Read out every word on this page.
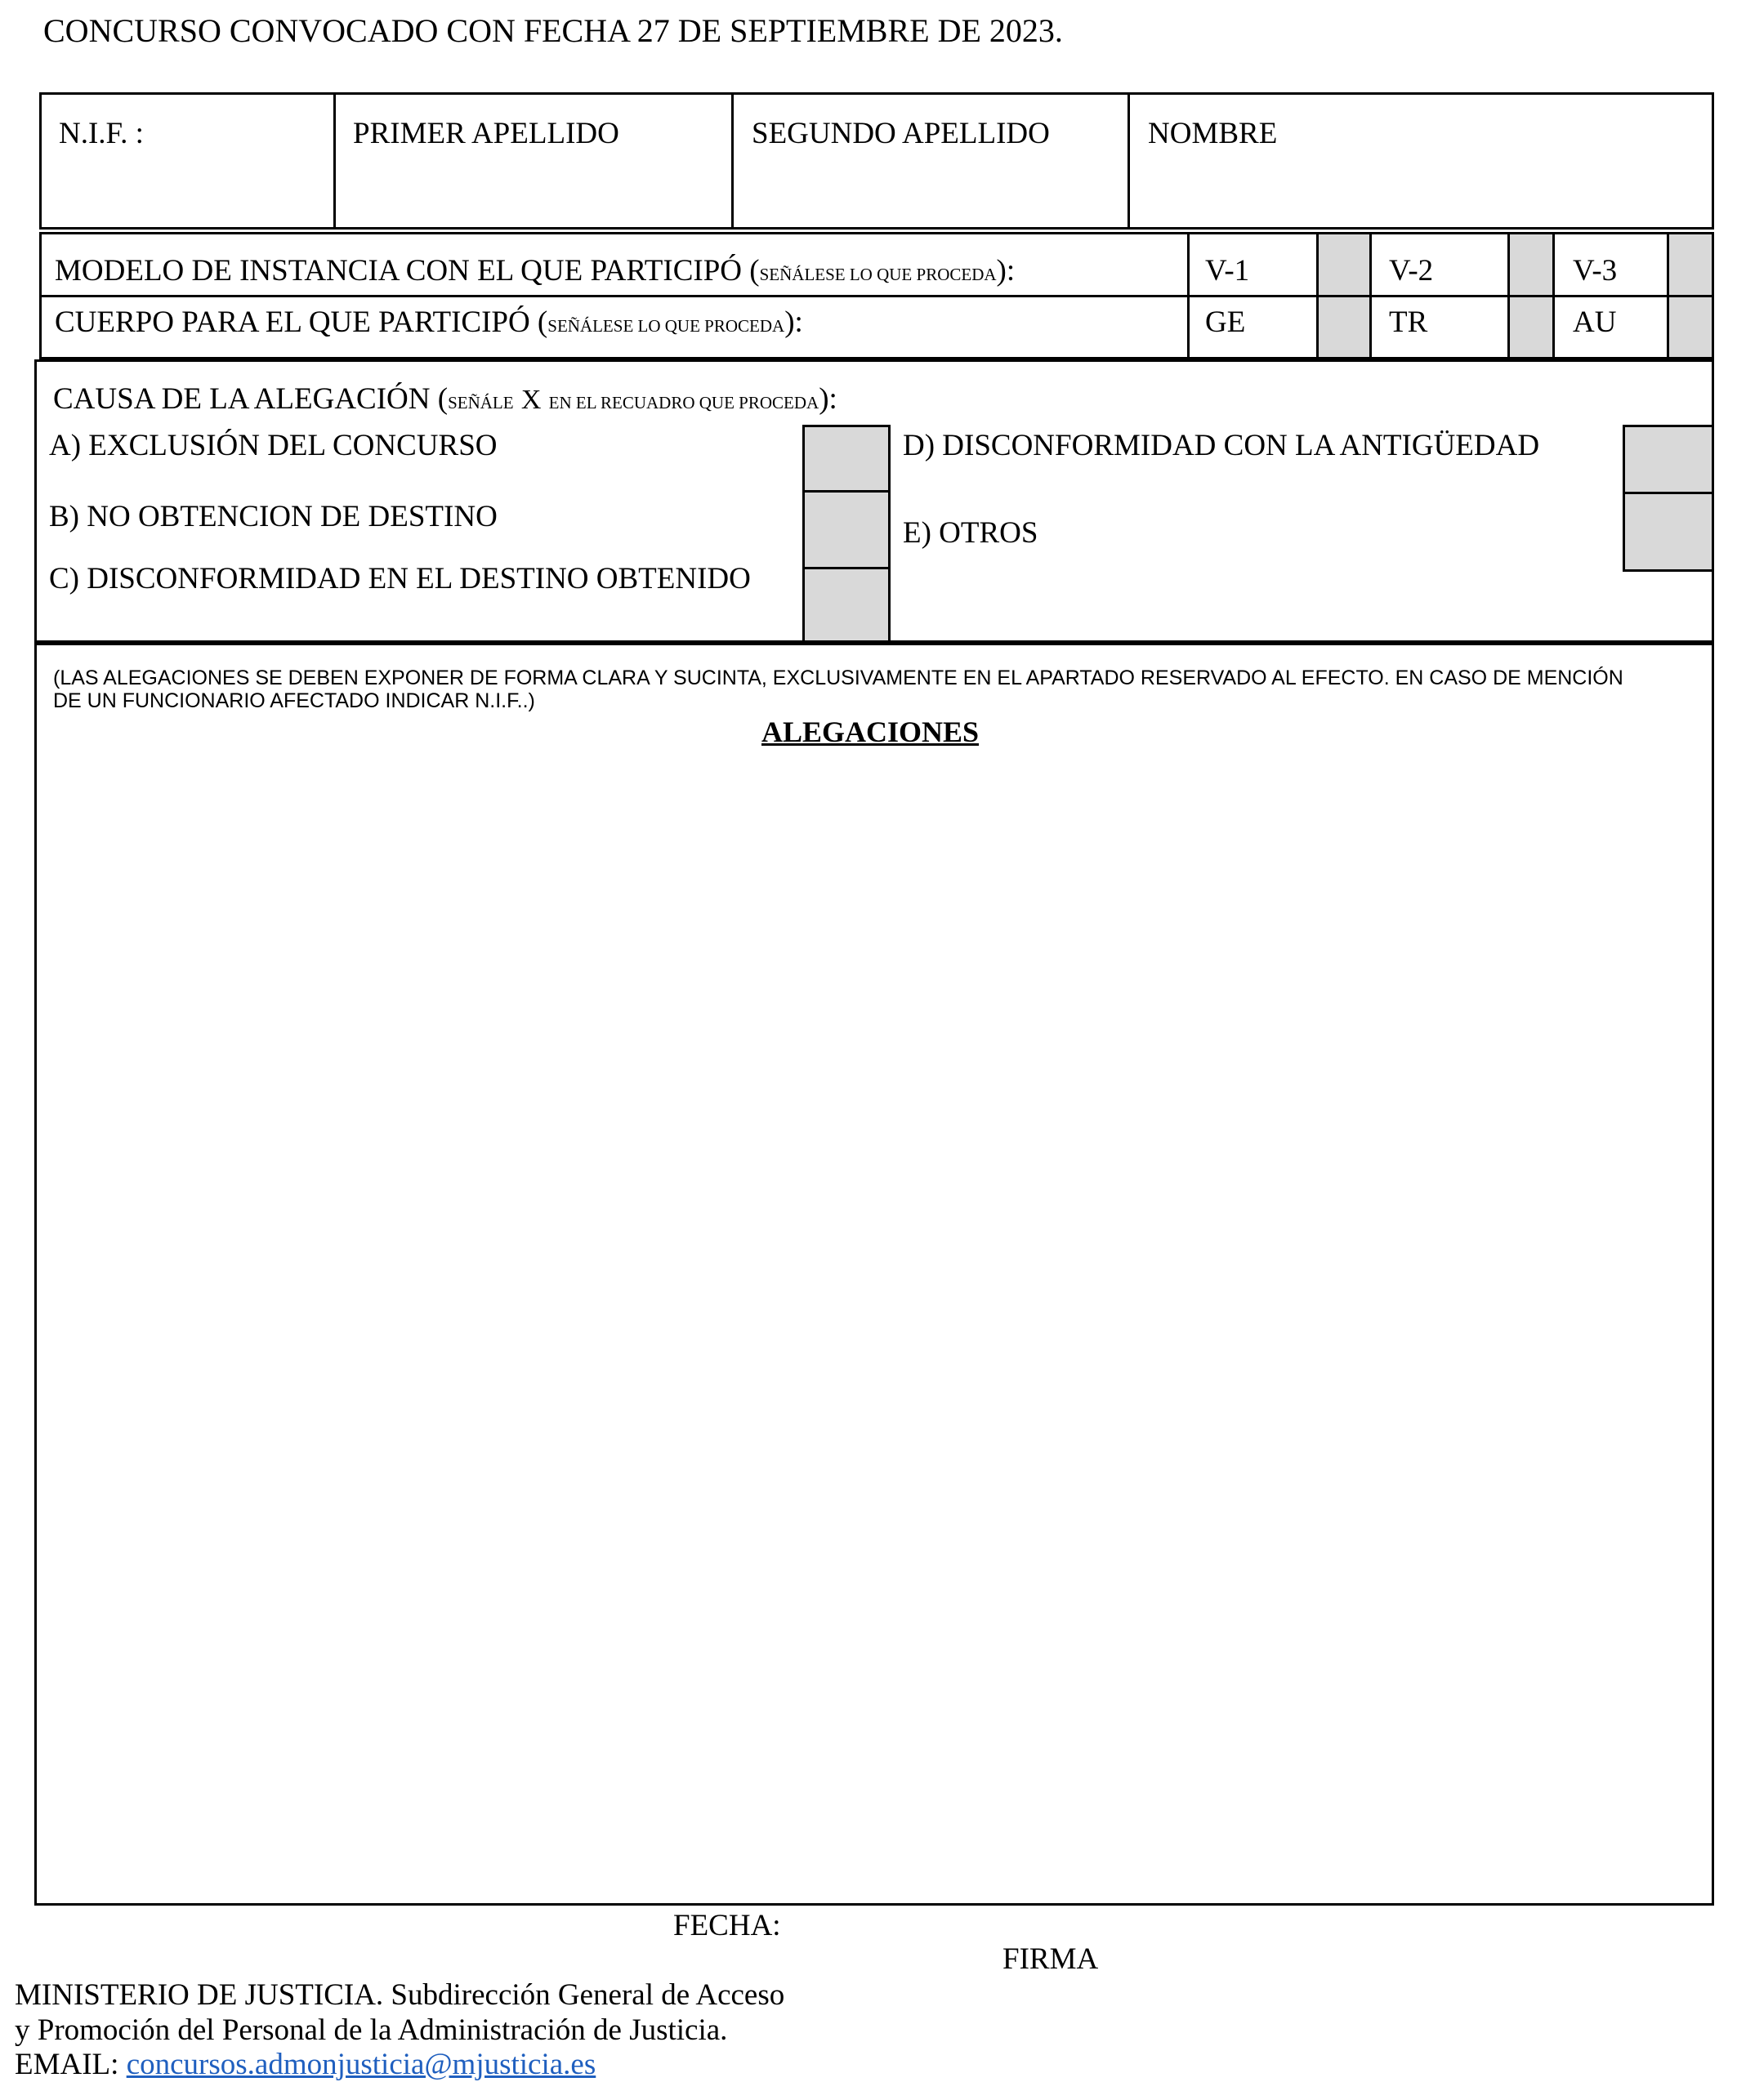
CONCURSO CONVOCADO CON FECHA 27 DE SEPTIEMBRE DE 2023.
N.I.F. :	PRIMER APELLIDO	SEGUNDO APELLIDO	NOMBRE
MODELO DE INSTANCIA CON EL QUE PARTICIPÓ (SEÑÁLESE LO QUE PROCEDA):	V-1	V-2	V-3
CUERPO PARA EL QUE PARTICIPÓ (SEÑÁLESE LO QUE PROCEDA):	GE	TR	AU
CAUSA DE LA ALEGACIÓN (SEÑÁLE X EN EL RECUADRO QUE PROCEDA):
A) EXCLUSIÓN DEL CONCURSO
B) NO OBTENCION DE DESTINO
C) DISCONFORMIDAD EN EL DESTINO OBTENIDO
D) DISCONFORMIDAD CON LA ANTIGÜEDAD
E) OTROS
(LAS ALEGACIONES SE DEBEN EXPONER DE FORMA CLARA Y SUCINTA, EXCLUSIVAMENTE EN EL APARTADO RESERVADO AL EFECTO. EN CASO DE MENCIÓN
DE UN FUNCIONARIO AFECTADO INDICAR N.I.F..)
ALEGACIONES
FECHA:
FIRMA
MINISTERIO DE JUSTICIA. Subdirección General de Acceso
y Promoción del Personal de la Administración de Justicia.
EMAIL: concursos.admonjusticia@mjusticia.es
